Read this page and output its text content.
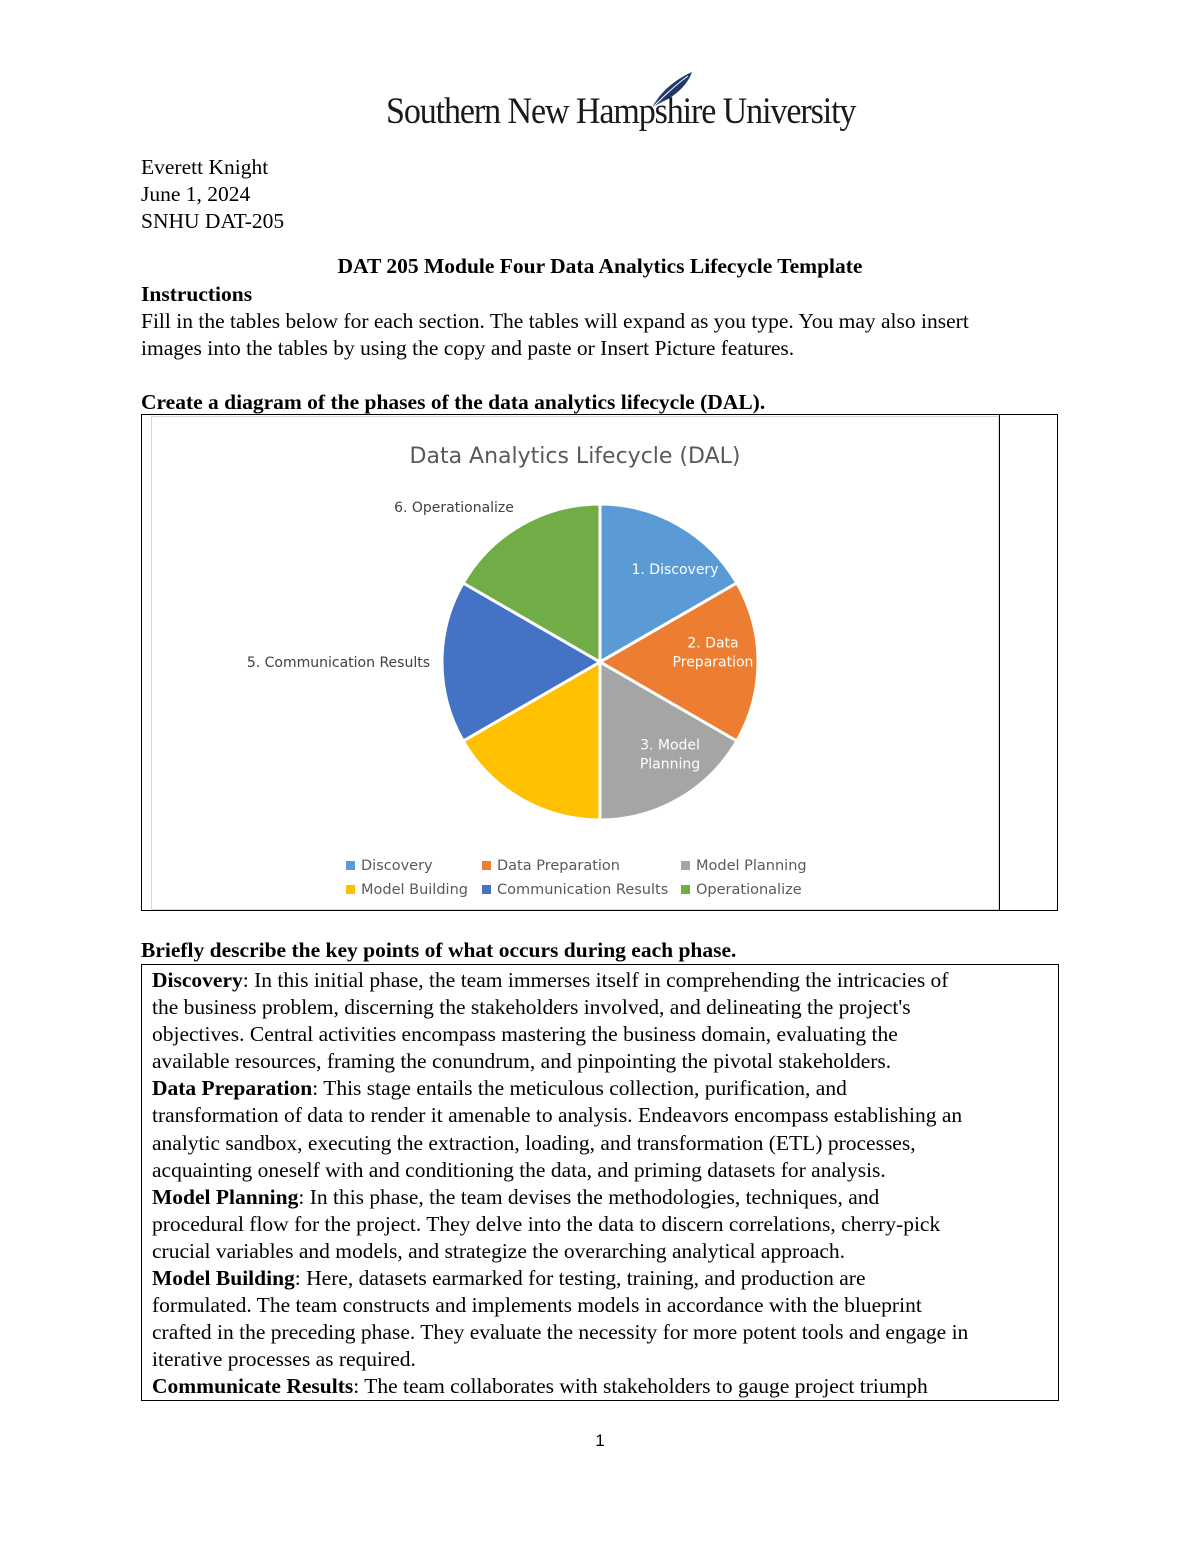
Southern New Hampshire University
Everett Knight
June 1, 2024
SNHU DAT-205
DAT 205 Module Four Data Analytics Lifecycle Template
Instructions
Fill in the tables below for each section. The tables will expand as you type. You may also insert
images into the tables by using the copy and paste or Insert Picture features.
Create a diagram of the phases of the data analytics lifecycle (DAL).
Data Analytics Lifecycle (DAL)
1. Discovery
2. Data Preparation
3. Model Planning
5. Communication Results
6. Operationalize
Discovery	Data Preparation	Model Planning
Model Building Communication Results Operationalize
Briefly describe the key points of what occurs during each phase.

Discovery: In this initial phase, the team immerses itself in comprehending the intricacies of

the business problem, discerning the stakeholders involved, and delineating the project's

objectives. Central activities encompass mastering the business domain, evaluating the

available resources, framing the conundrum, and pinpointing the pivotal stakeholders.

Data Preparation: This stage entails the meticulous collection, purification, and

transformation of data to render it amenable to analysis. Endeavors encompass establishing an

analytic sandbox, executing the extraction, loading, and transformation (ETL) processes,

acquainting oneself with and conditioning the data, and priming datasets for analysis.

Model Planning: In this phase, the team devises the methodologies, techniques, and

procedural flow for the project. They delve into the data to discern correlations, cherry-pick

crucial variables and models, and strategize the overarching analytical approach.

Model Building: Here, datasets earmarked for testing, training, and production are

formulated. The team constructs and implements models in accordance with the blueprint

crafted in the preceding phase. They evaluate the necessity for more potent tools and engage in

iterative processes as required.

Communicate Results: The team collaborates with stakeholders to gauge project triumph

1
